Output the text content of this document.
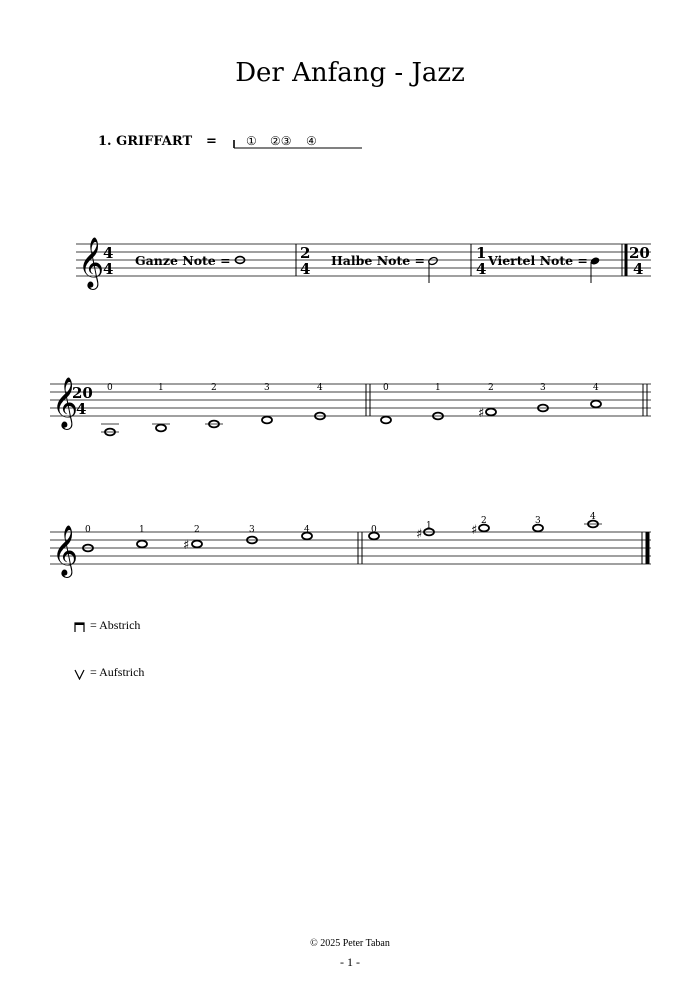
Der Anfang - Jazz
1. GRIFFART = ① ②③ ④
𝄞
4
4 Ganze Note =	2
4 Halbe Note =	1
4 Viertel Note =	20
4
𝄞
20
4
0	1	2	3	4	0	1
♯
2	3	4
𝄞 0	1
♯
2	3	4	0	♯
1	♯
2	3	4
= Abstrich
= Aufstrich
© 2025 Peter Taban
- 1 -
